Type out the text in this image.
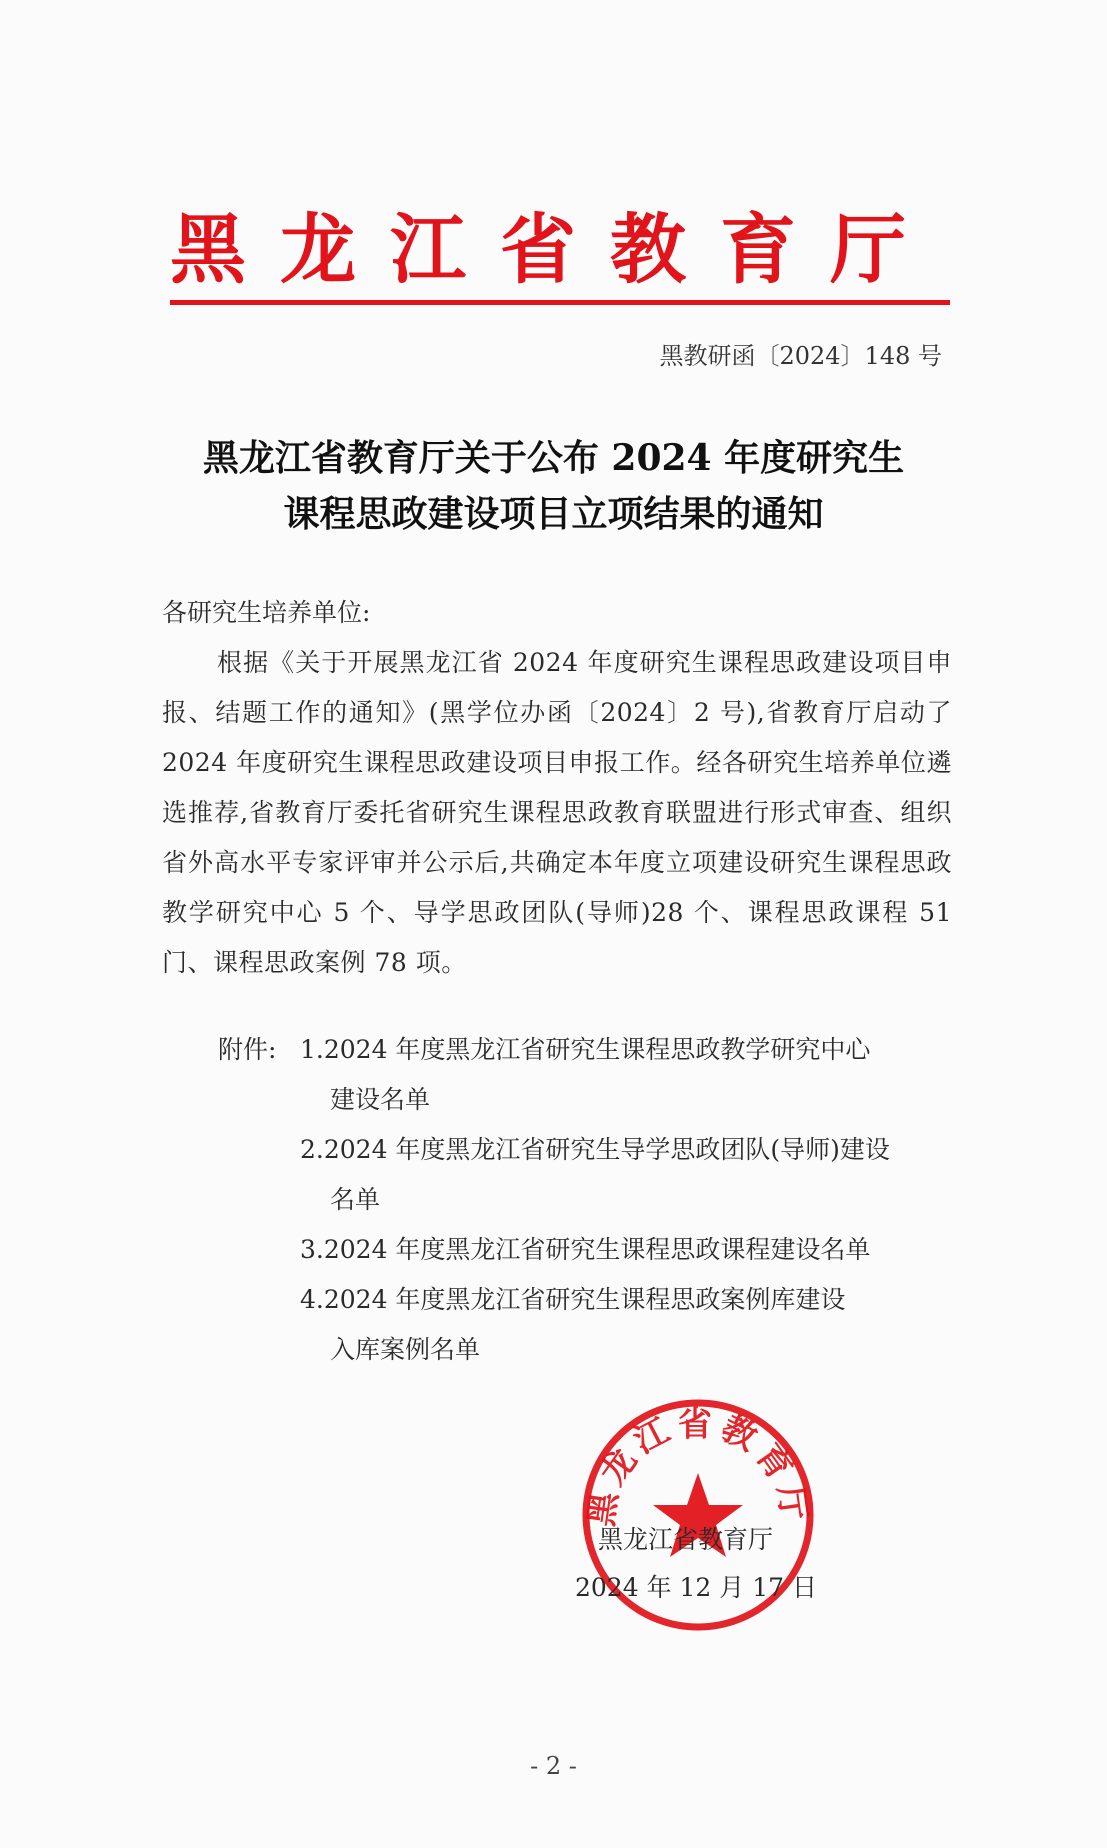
黑龙江省教育厅
黑教研函〔2024〕148 号
黑龙江省教育厅关于公布 2024 年度研究生
课程思政建设项目立项结果的通知
各研究生培养单位:
根据《关于开展黑龙江省 2024 年度研究生课程思政建设项目申报、结题工作的通知》(黑学位办函〔2024〕2 号),省教育厅启动了 2024 年度研究生课程思政建设项目申报工作。经各研究生培养单位遴选推荐,省教育厅委托省研究生课程思政教育联盟进行形式审查、组织省外高水平专家评审并公示后,共确定本年度立项建设研究生课程思政教学研究中心 5 个、导学思政团队(导师)28 个、课程思政课程 51 门、课程思政案例 78 项。
附件: 1.2024 年度黑龙江省研究生课程思政教学研究中心
建设名单
2.2024 年度黑龙江省研究生导学思政团队(导师)建设
名单
3.2024 年度黑龙江省研究生课程思政课程建设名单
4.2024 年度黑龙江省研究生课程思政案例库建设
入库案例名单
黑龙江省教育厅
黑龙江省教育厅
2024 年 12 月 17 日
- 2 -
